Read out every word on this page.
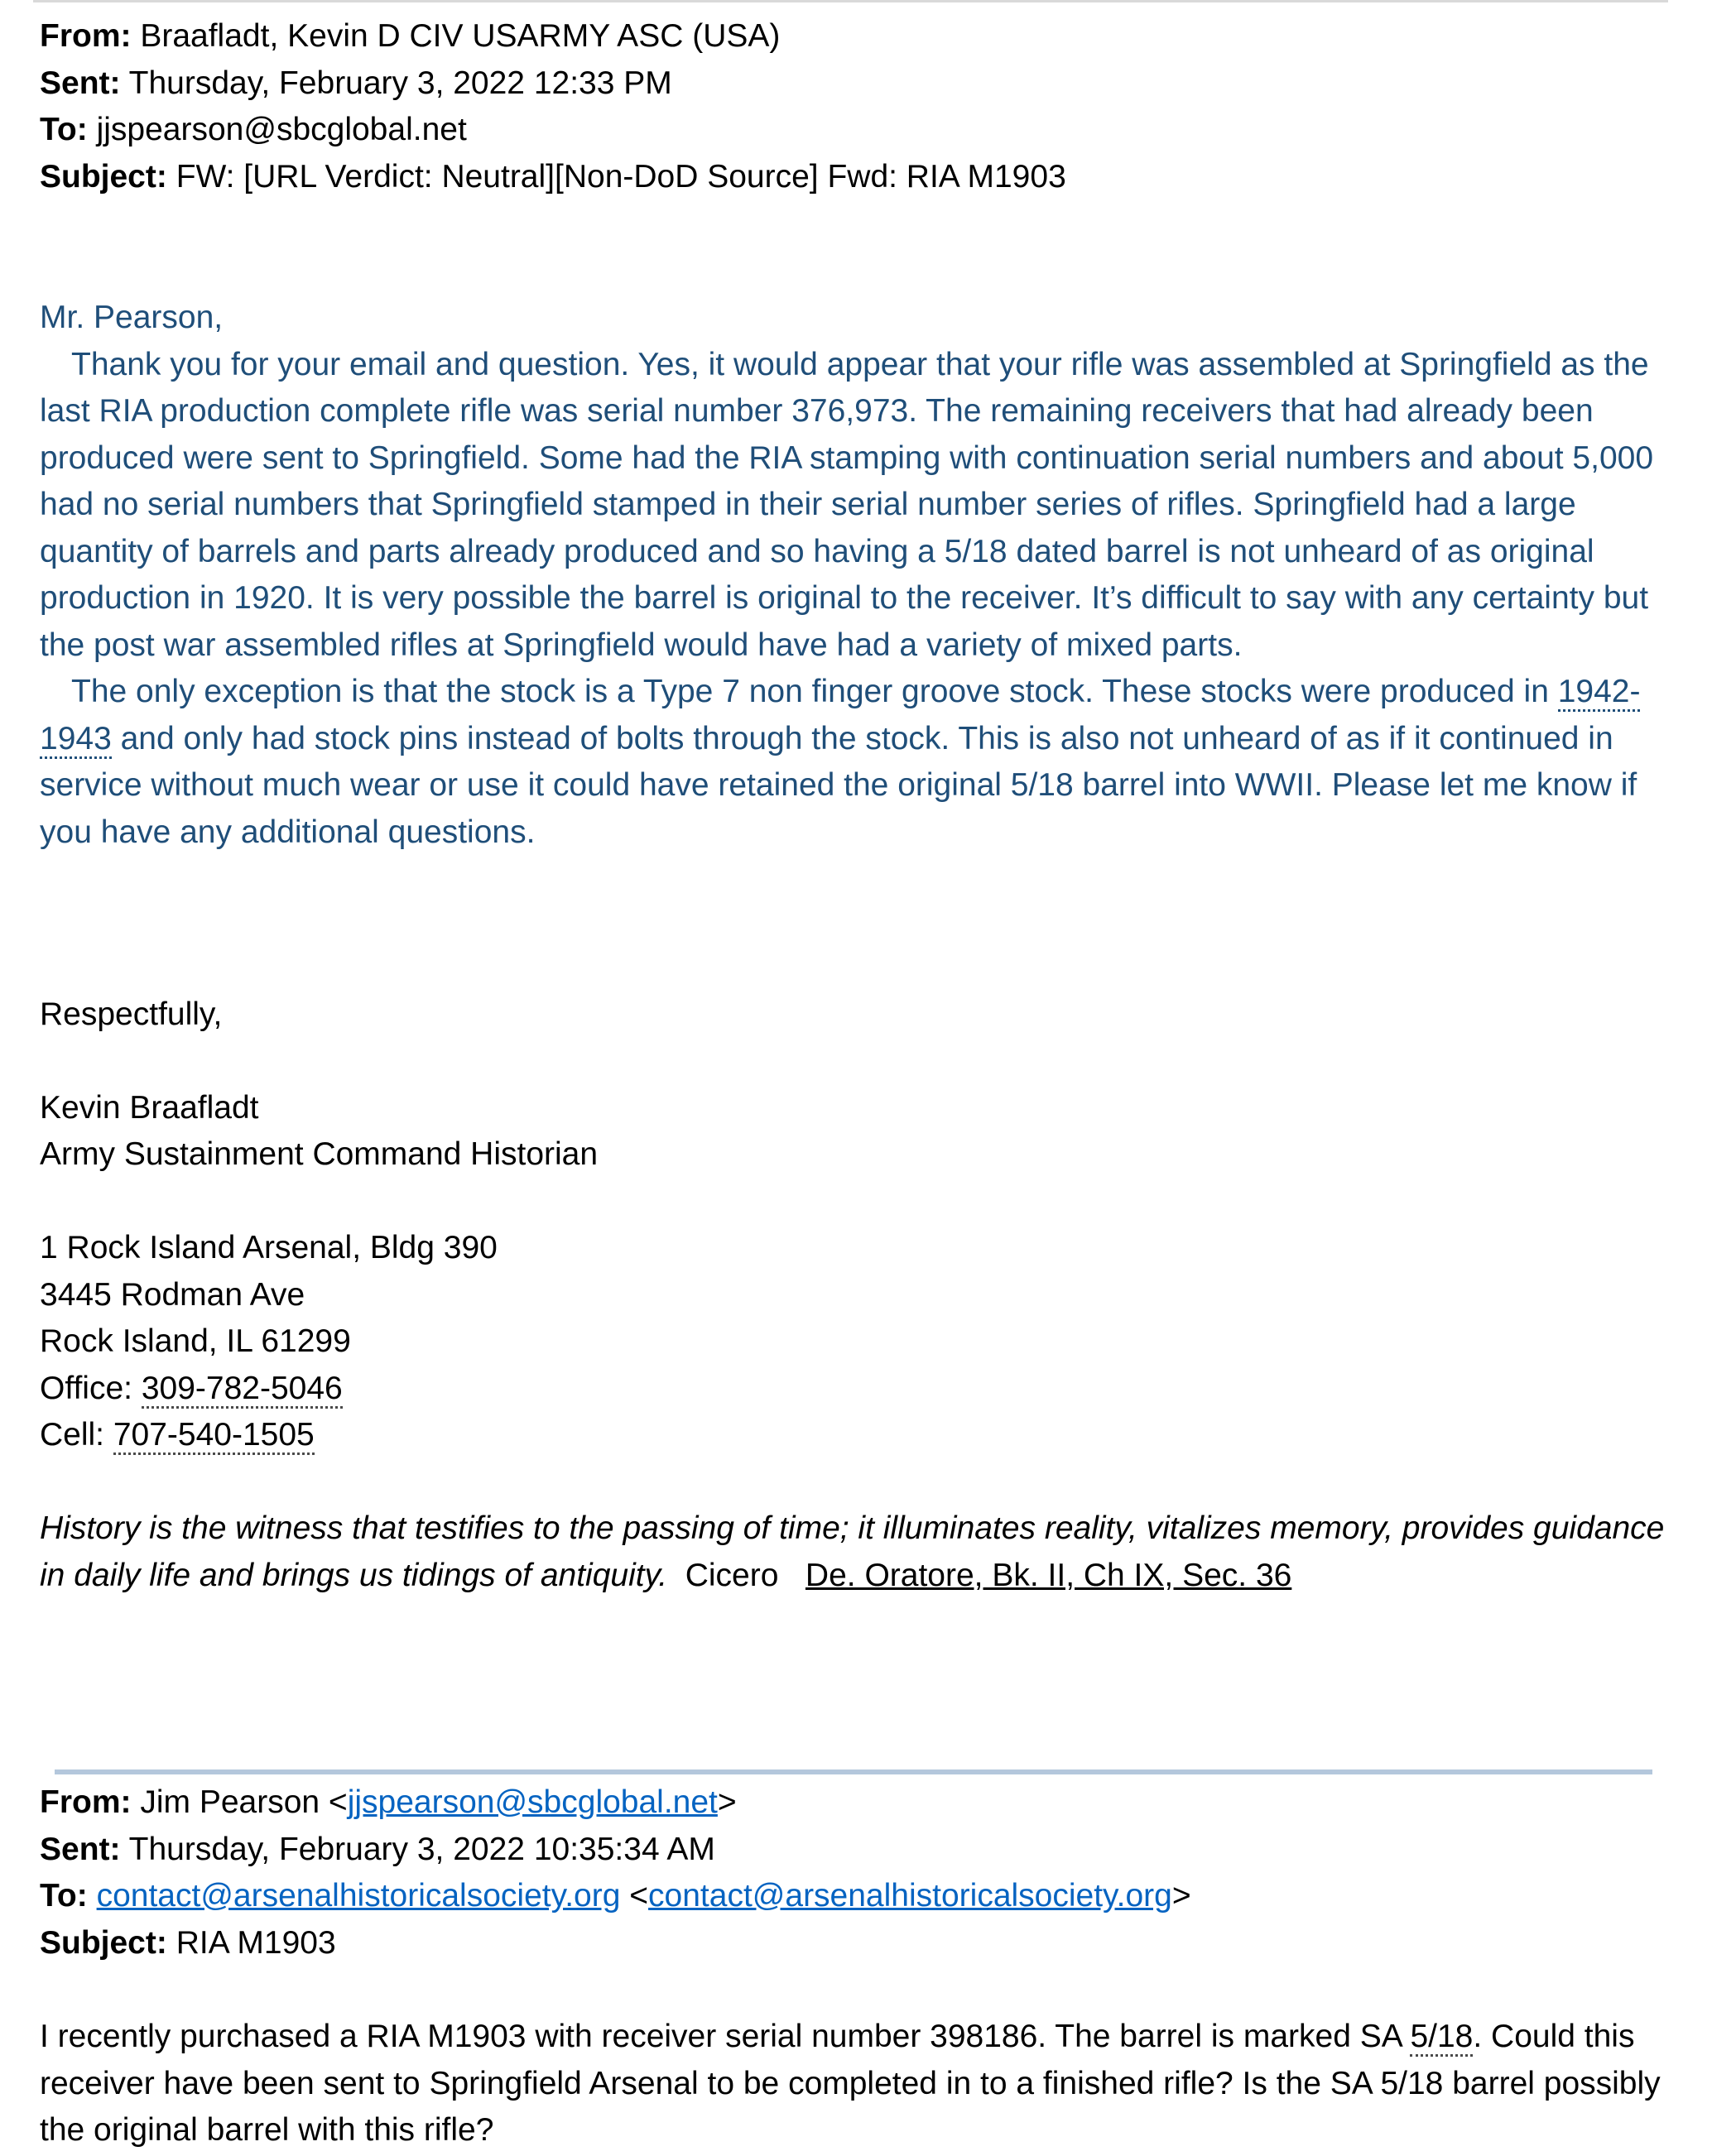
From: Braafladt, Kevin D CIV USARMY ASC (USA)
Sent: Thursday, February 3, 2022 12:33 PM
To: jjspearson@sbcglobal.net
Subject: FW: [URL Verdict: Neutral][Non-DoD Source] Fwd: RIA M1903

Mr. Pearson,

Thank you for your email and question. Yes, it would appear that your rifle was assembled at Springfield as the last RIA production complete rifle was serial number 376,973. The remaining receivers that had already been produced were sent to Springfield. Some had the RIA stamping with continuation serial numbers and about 5,000 had no serial numbers that Springfield stamped in their serial number series of rifles. Springfield had a large quantity of barrels and parts already produced and so having a 5/18 dated barrel is not unheard of as original production in 1920. It is very possible the barrel is original to the receiver. It’s difficult to say with any certainty but the post war assembled rifles at Springfield would have had a variety of mixed parts.

The only exception is that the stock is a Type 7 non finger groove stock. These stocks were produced in 1942-1943 and only had stock pins instead of bolts through the stock. This is also not unheard of as if it continued in service without much wear or use it could have retained the original 5/18 barrel into WWII. Please let me know if you have any additional questions.

Respectfully,
Kevin Braafladt
Army Sustainment Command Historian
1 Rock Island Arsenal, Bldg 390
3445 Rodman Ave
Rock Island, IL 61299
Office: 309-782-5046
Cell: 707-540-1505
History is the witness that testifies to the passing of time; it illuminates reality, vitalizes memory, provides guidance in daily life and brings us tidings of antiquity.  Cicero   De. Oratore, Bk. II, Ch IX, Sec. 36
From: Jim Pearson <jjspearson@sbcglobal.net>
Sent: Thursday, February 3, 2022 10:35:34 AM
To: contact@arsenalhistoricalsociety.org <contact@arsenalhistoricalsociety.org>
Subject: RIA M1903

I recently purchased a RIA M1903 with receiver serial number 398186. The barrel is marked SA 5/18. Could this receiver have been sent to Springfield Arsenal to be completed in to a finished rifle? Is the SA 5/18 barrel possibly the original barrel with this rifle?
